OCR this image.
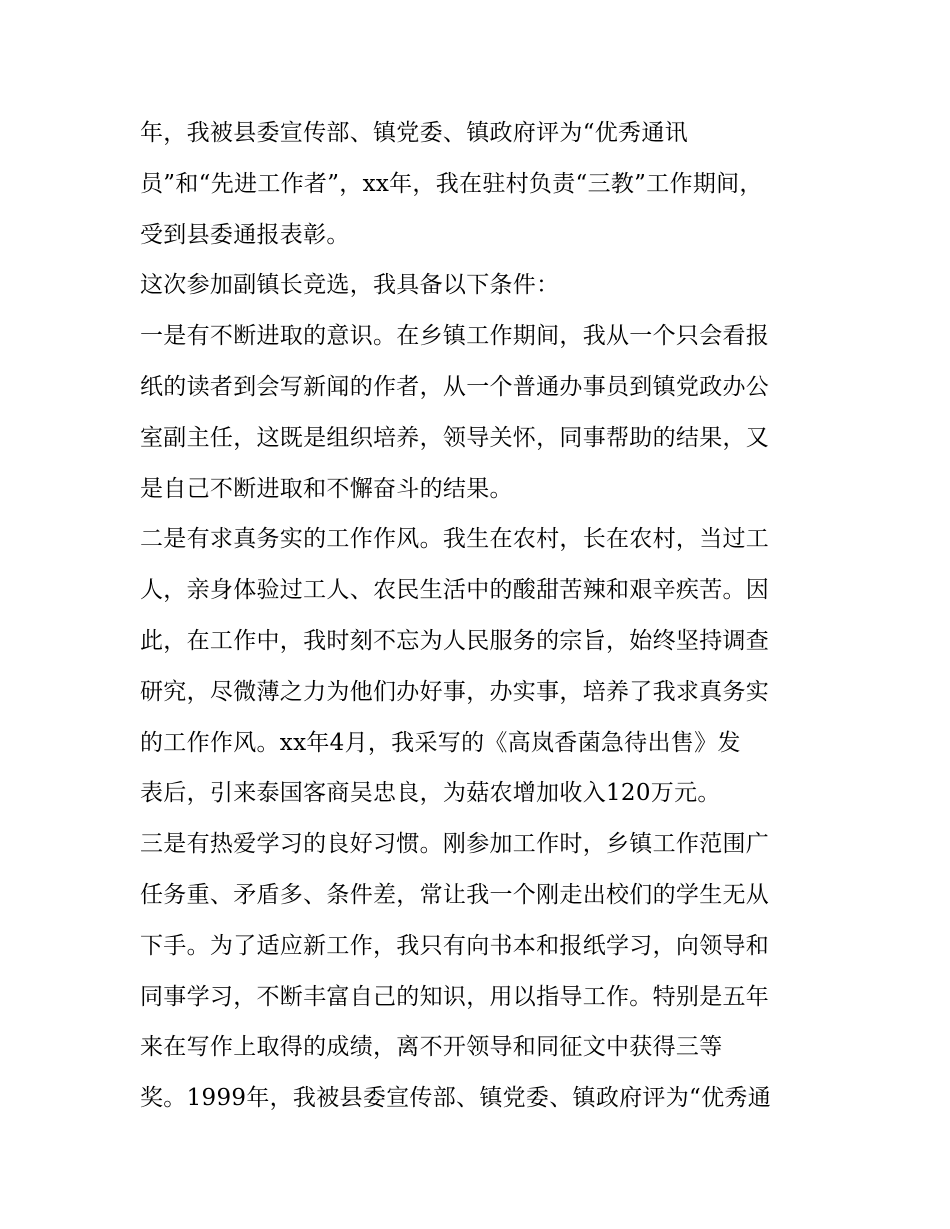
年，我被县委宣传部、镇党委、镇政府评为“优秀通讯
员”和“先进工作者”，xx年，我在驻村负责“三教”工作期间，
受到县委通报表彰。
这次参加副镇长竞选，我具备以下条件：
一是有不断进取的意识。在乡镇工作期间，我从一个只会看报
纸的读者到会写新闻的作者，从一个普通办事员到镇党政办公
室副主任，这既是组织培养，领导关怀，同事帮助的结果，又
是自己不断进取和不懈奋斗的结果。
二是有求真务实的工作作风。我生在农村，长在农村，当过工
人，亲身体验过工人、农民生活中的酸甜苦辣和艰辛疾苦。因
此，在工作中，我时刻不忘为人民服务的宗旨，始终坚持调查
研究，尽微薄之力为他们办好事，办实事，培养了我求真务实
的工作作风。xx年4月，我采写的《高岚香菌急待出售》发
表后，引来泰国客商吴忠良，为菇农增加收入120万元。
三是有热爱学习的良好习惯。刚参加工作时，乡镇工作范围广
任务重、矛盾多、条件差，常让我一个刚走出校们的学生无从
下手。为了适应新工作，我只有向书本和报纸学习，向领导和
同事学习，不断丰富自己的知识，用以指导工作。特别是五年
来在写作上取得的成绩，离不开领导和同征文中获得三等
奖。1999年，我被县委宣传部、镇党委、镇政府评为“优秀通
